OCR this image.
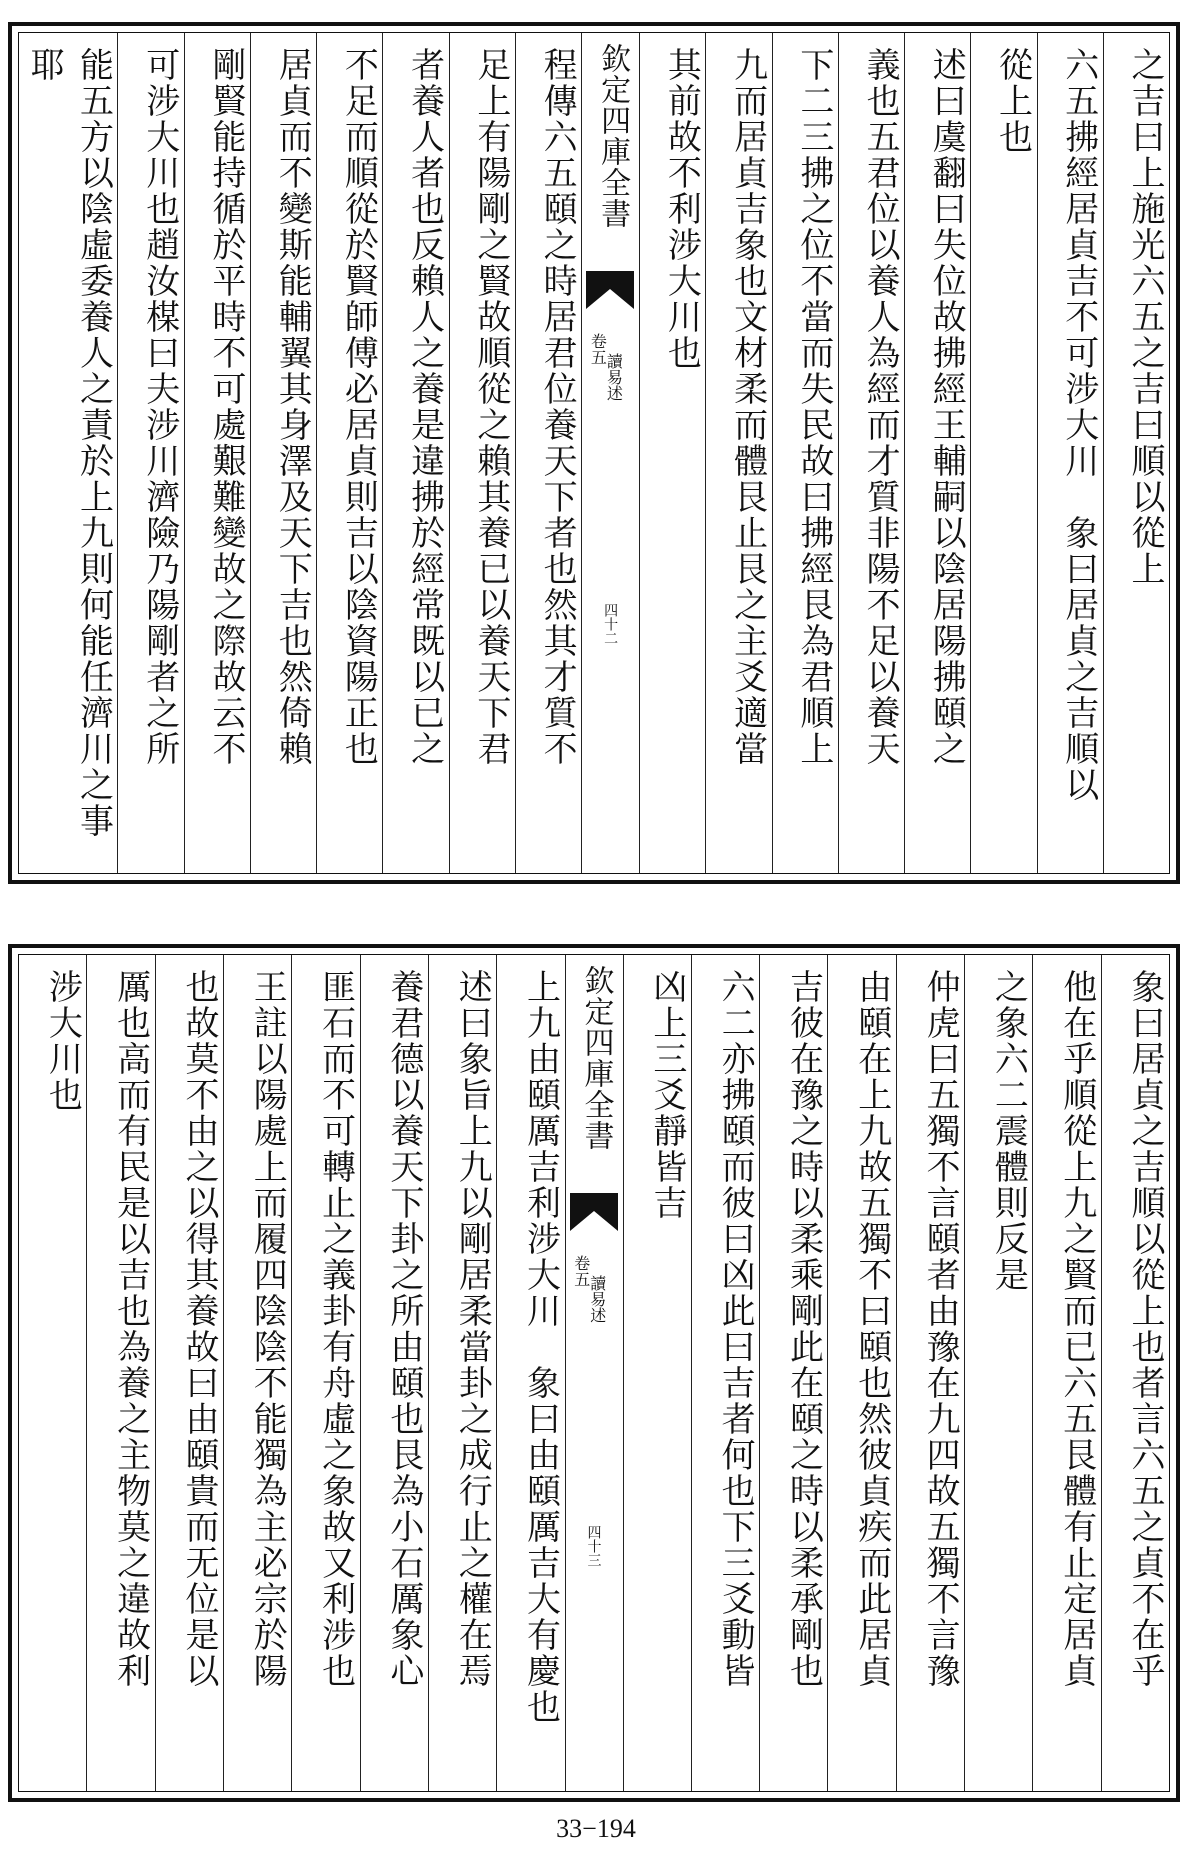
之吉曰上施光六五之吉曰順以從上
六五拂經居貞吉不可涉大川　象曰居貞之吉順以
從上也
述曰虞翻曰失位故拂經王輔嗣以陰居陽拂頤之
義也五君位以養人為經而才質非陽不足以養天
下二三拂之位不當而失民故曰拂經艮為君順上
九而居貞吉象也文材柔而體艮止艮之主爻適當
其前故不利涉大川也
欽定四庫全書
讀易述
卷五
四十二
程傳六五頤之時居君位養天下者也然其才質不
足上有陽剛之賢故順從之賴其養已以養天下君
者養人者也反賴人之養是違拂於經常既以已之
不足而順從於賢師傅必居貞則吉以陰資陽正也
居貞而不變斯能輔翼其身澤及天下吉也然倚賴
剛賢能持循於平時不可處艱難變故之際故云不
可涉大川也趙汝楳曰夫涉川濟險乃陽剛者之所
能五方以陰虛委養人之責於上九則何能任濟川之事耶
象曰居貞之吉順以從上也者言六五之貞不在乎
他在乎順從上九之賢而已六五艮體有止定居貞
之象六二震體則反是
仲虎曰五獨不言頤者由豫在九四故五獨不言豫
由頤在上九故五獨不曰頤也然彼貞疾而此居貞
吉彼在豫之時以柔乘剛此在頤之時以柔承剛也
六二亦拂頤而彼曰凶此曰吉者何也下三爻動皆
凶上三爻靜皆吉
欽定四庫全書
讀易述
卷五
四十三
上九由頤厲吉利涉大川　象曰由頤厲吉大有慶也
述曰象旨上九以剛居柔當卦之成行止之權在焉
養君德以養天下卦之所由頤也艮為小石厲象心
匪石而不可轉止之義卦有舟虛之象故又利涉也
王註以陽處上而履四陰陰不能獨為主必宗於陽
也故莫不由之以得其養故曰由頤貴而无位是以
厲也高而有民是以吉也為養之主物莫之違故利
涉大川也
33−194
